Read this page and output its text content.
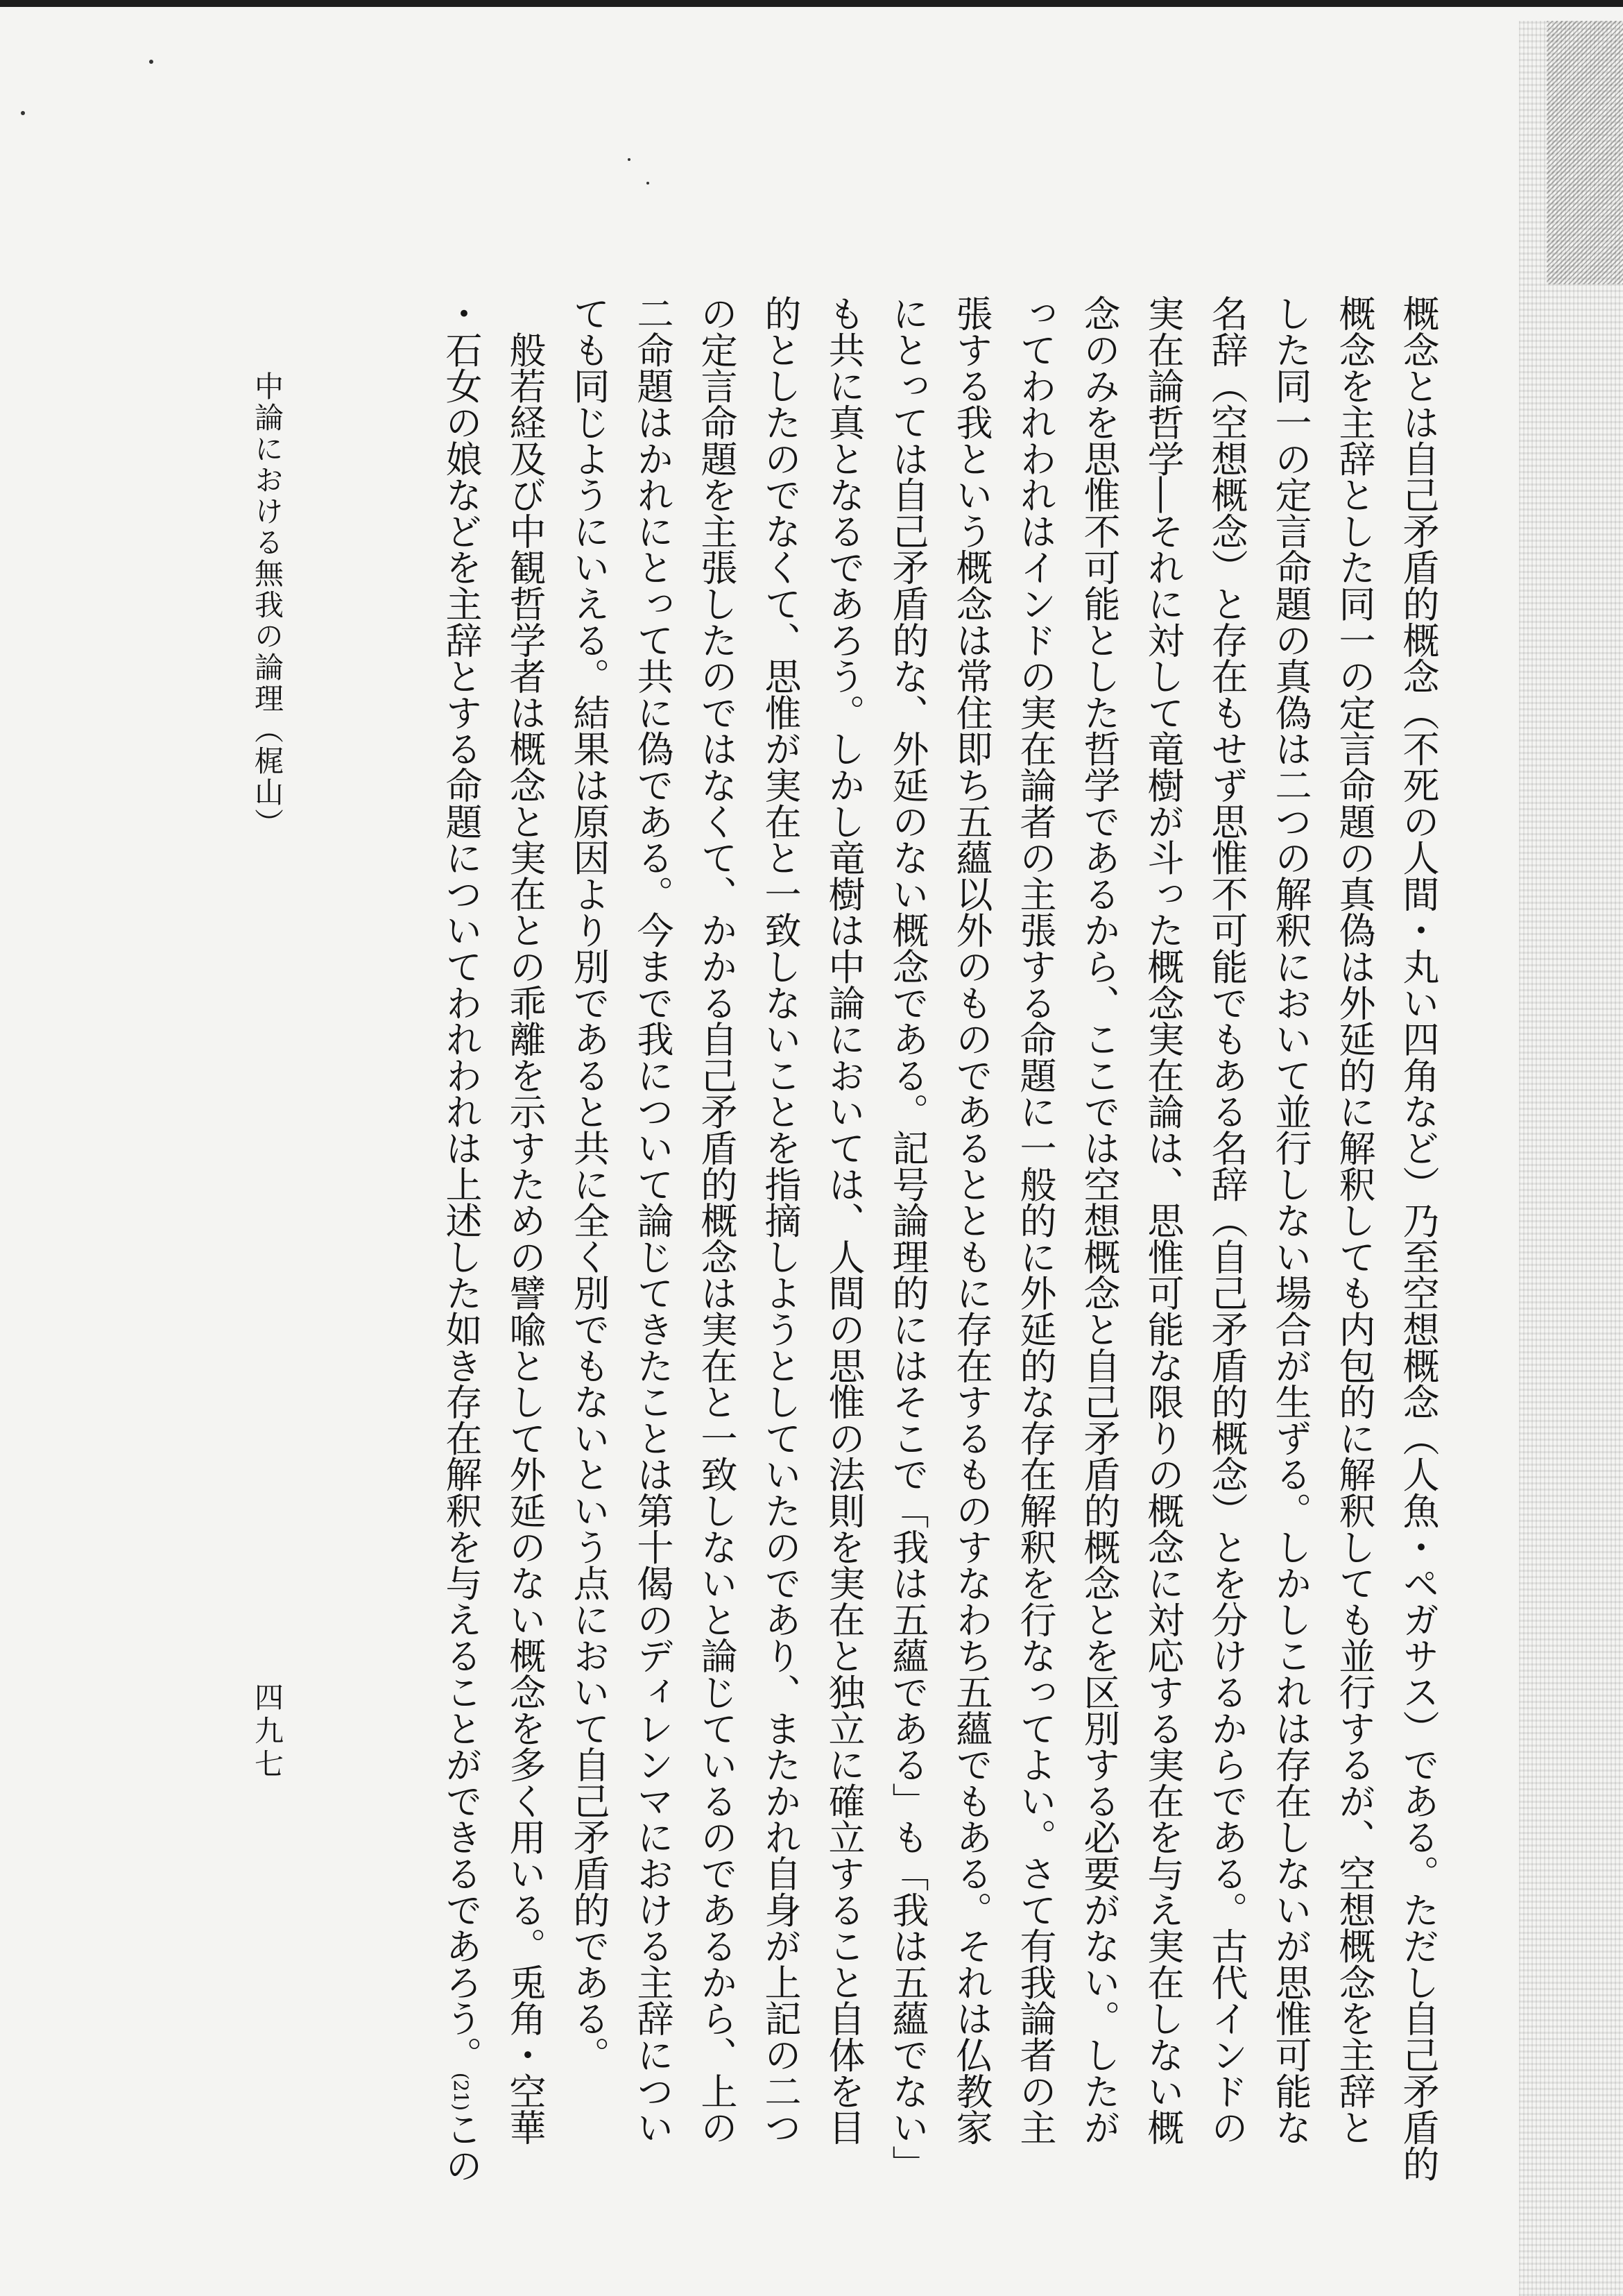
概念とは自己矛盾的概念（不死の人間・丸い四角など）乃至空想概念（人魚・ペガサス）である。ただし自己矛盾的

概念を主辞とした同一の定言命題の真偽は外延的に解釈しても内包的に解釈しても並行するが、空想概念を主辞と

した同一の定言命題の真偽は二つの解釈において並行しない場合が生ずる。しかしこれは存在しないが思惟可能な

名辞（空想概念）と存在もせず思惟不可能でもある名辞（自己矛盾的概念）とを分けるからである。古代インドの

実在論哲学―それに対して竜樹が斗った概念実在論は、思惟可能な限りの概念に対応する実在を与え実在しない概

念のみを思惟不可能とした哲学であるから、ここでは空想概念と自己矛盾的概念とを区別する必要がない。したが

ってわれわれはインドの実在論者の主張する命題に一般的に外延的な存在解釈を行なってよい。さて有我論者の主

張する我という概念は常住即ち五蘊以外のものであるとともに存在するものすなわち五蘊でもある。それは仏教家

にとっては自己矛盾的な、外延のない概念である。記号論理的にはそこで「我は五蘊である」も「我は五蘊でない」

も共に真となるであろう。しかし竜樹は中論においては、人間の思惟の法則を実在と独立に確立すること自体を目

的としたのでなくて、思惟が実在と一致しないことを指摘しようとしていたのであり、またかれ自身が上記の二つ

の定言命題を主張したのではなくて、かかる自己矛盾的概念は実在と一致しないと論じているのであるから、上の

二命題はかれにとって共に偽である。今まで我について論じてきたことは第十偈のディレンマにおける主辞につい

ても同じようにいえる。結果は原因より別であると共に全く別でもないという点において自己矛盾的である。

　般若経及び中観哲学者は概念と実在との乖離を示すための譬喩として外延のない概念を多く用いる。兎角・空華

・石女の娘などを主辞とする命題についてわれわれは上述した如き存在解釈を与えることができるであろう。$^{(21)}$この

中論における無我の論理（梶山）
四九七
